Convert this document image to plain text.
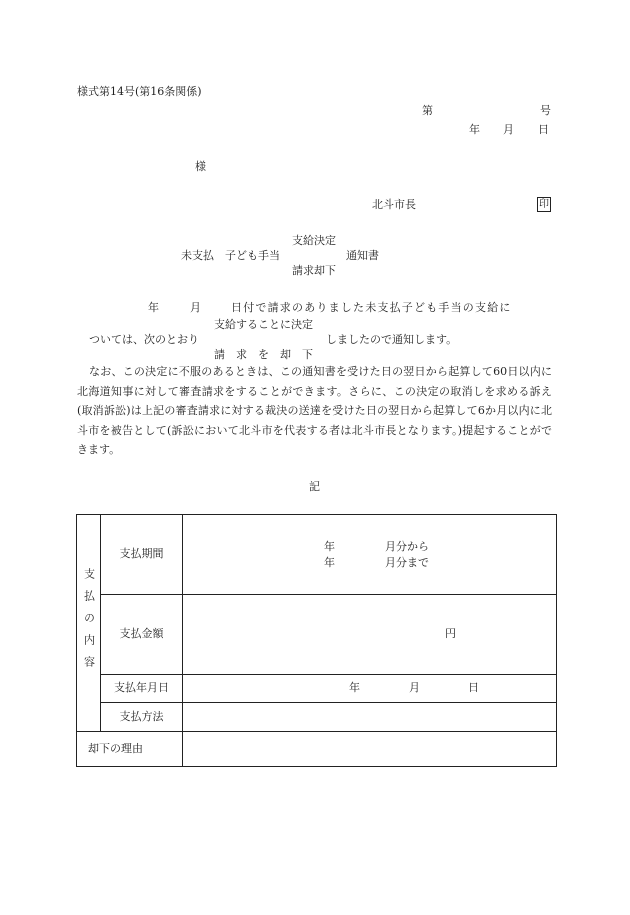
様式第14号(第16条関係)
第	号
年 月 日
様
北斗市長	印
支給決定
未支払　子ども手当	通知書
請求却下
年	月	日付で請求のありました未支払子ども手当の支給に
支給することに決定
ついては、次のとおり	しましたので通知します。
請　求　を　却　下
なお、この決定に不服のあるときは、この通知書を受けた日の翌日から起算して60日以内に北海道知事に対して審査請求をすることができます。さらに、この決定の取消しを求める訴え(取消訴訟)は上記の審査請求に対する裁決の送達を受けた日の翌日から起算して6か月以内に北斗市を被告として(訴訟において北斗市を代表する者は北斗市長となります。)提起することができます。
記
支払の内容	支払期間	年 月分から
年 月分まで

	支払金額	円

	支払年月日	年 月 日

	支払方法	
却下の理由		
